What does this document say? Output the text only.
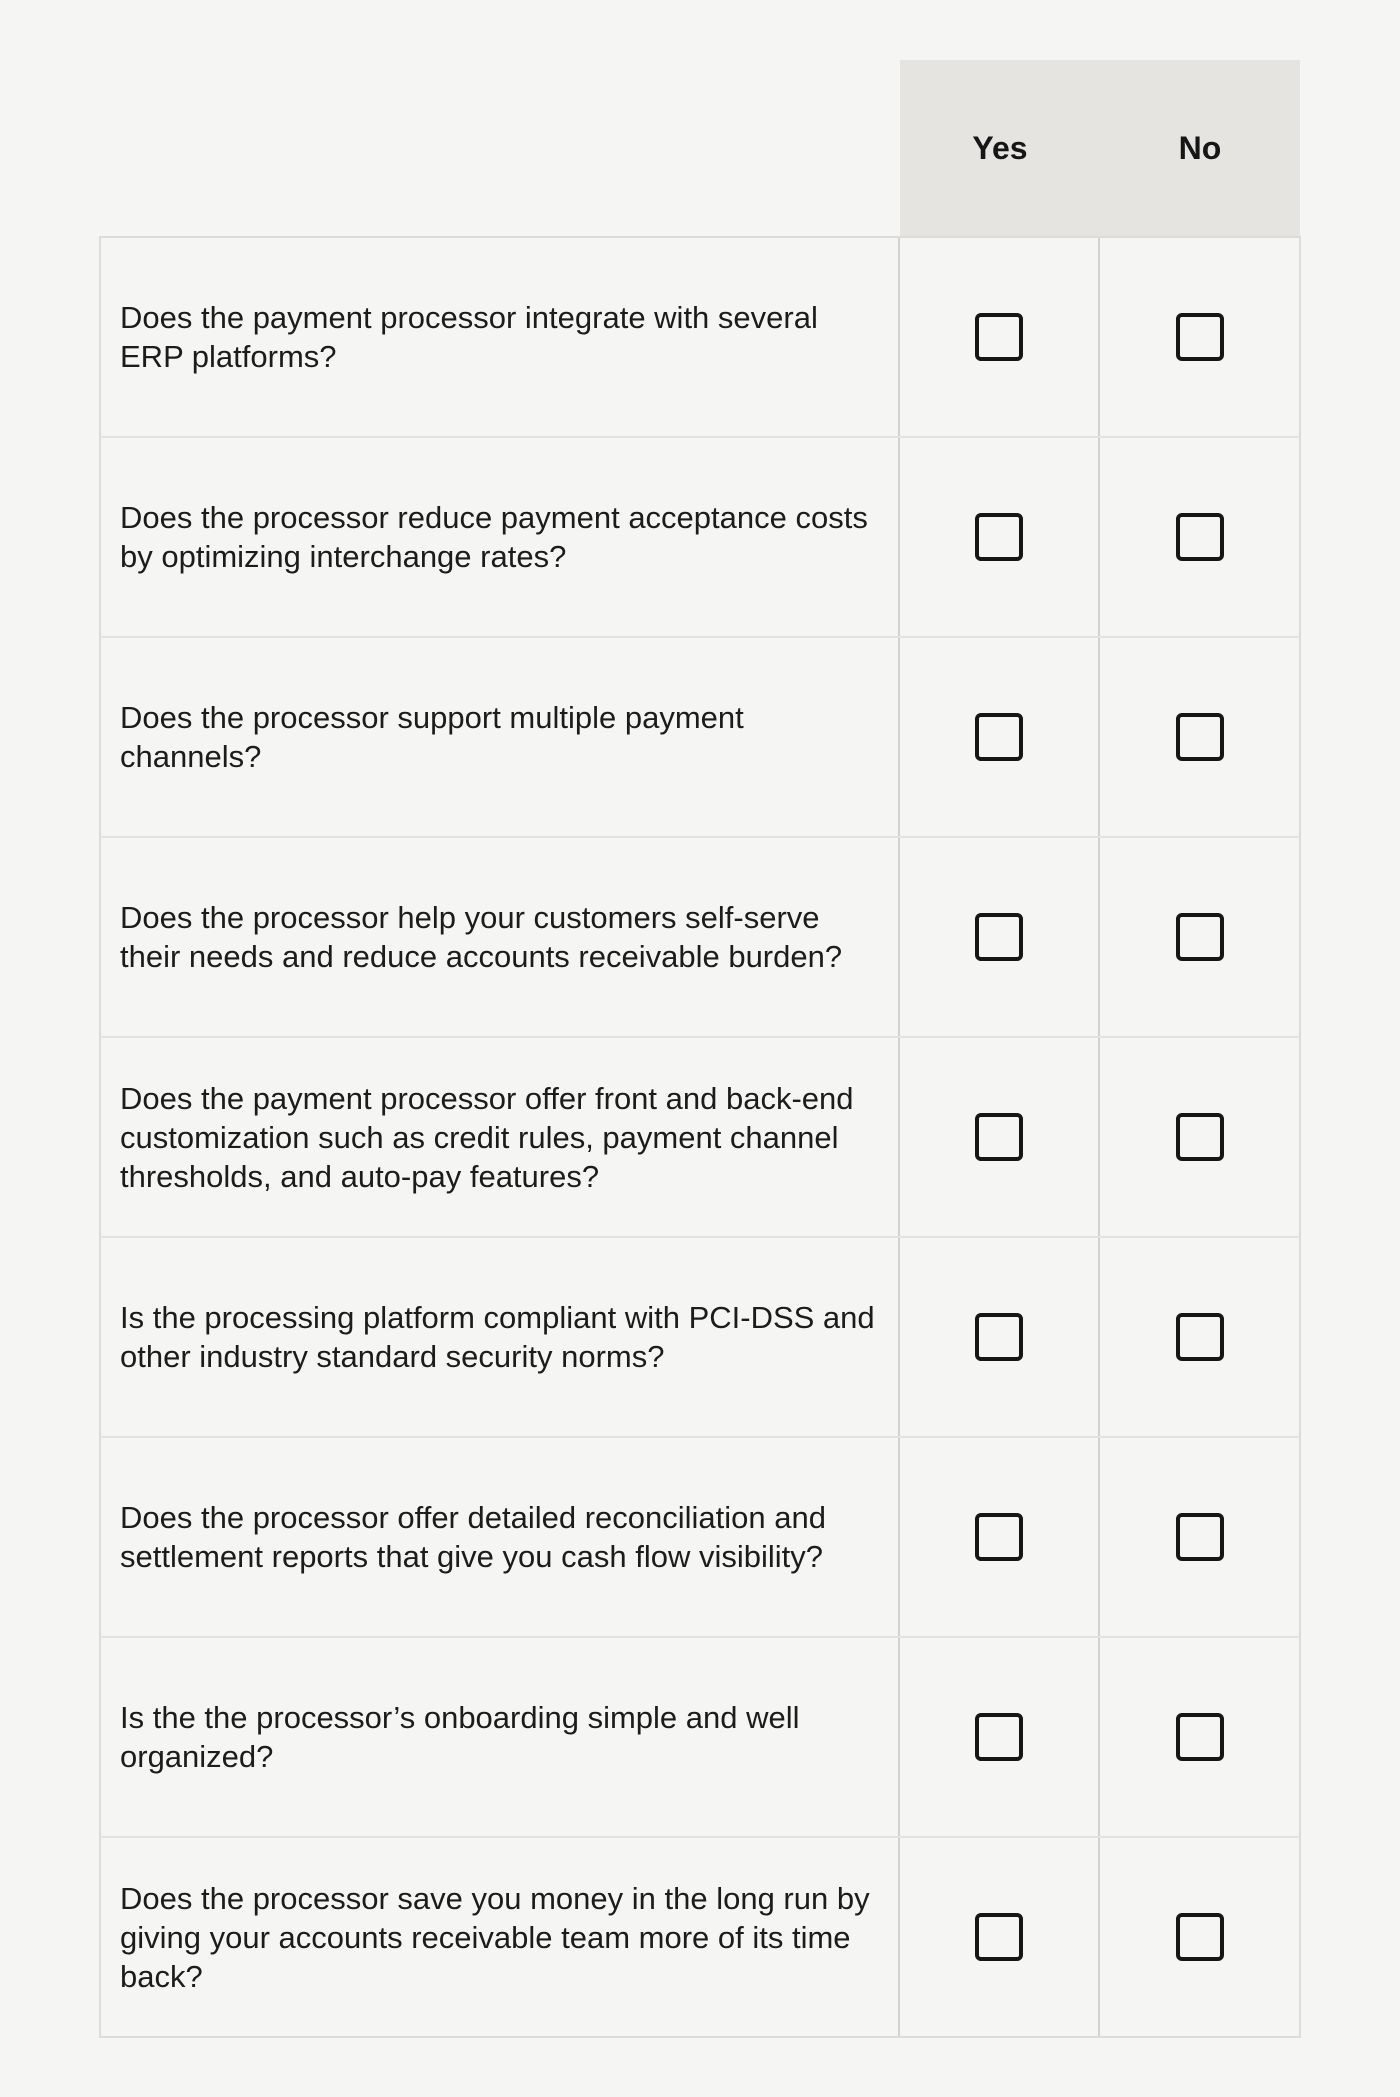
Yes	No
Does the payment processor integrate with several ERP platforms?
Does the processor reduce payment acceptance costs by optimizing interchange rates?
Does the processor support multiple payment channels?
Does the processor help your customers self-serve their needs and reduce accounts receivable burden?
Does the payment processor offer front and back-end customization such as credit rules, payment channel thresholds, and auto-pay features?
Is the processing platform compliant with PCI-DSS and other industry standard security norms?
Does the processor offer detailed reconciliation and settlement reports that give you cash flow visibility?
Is the the processor’s onboarding simple and well organized?
Does the processor save you money in the long run by giving your accounts receivable team more of its time back?
